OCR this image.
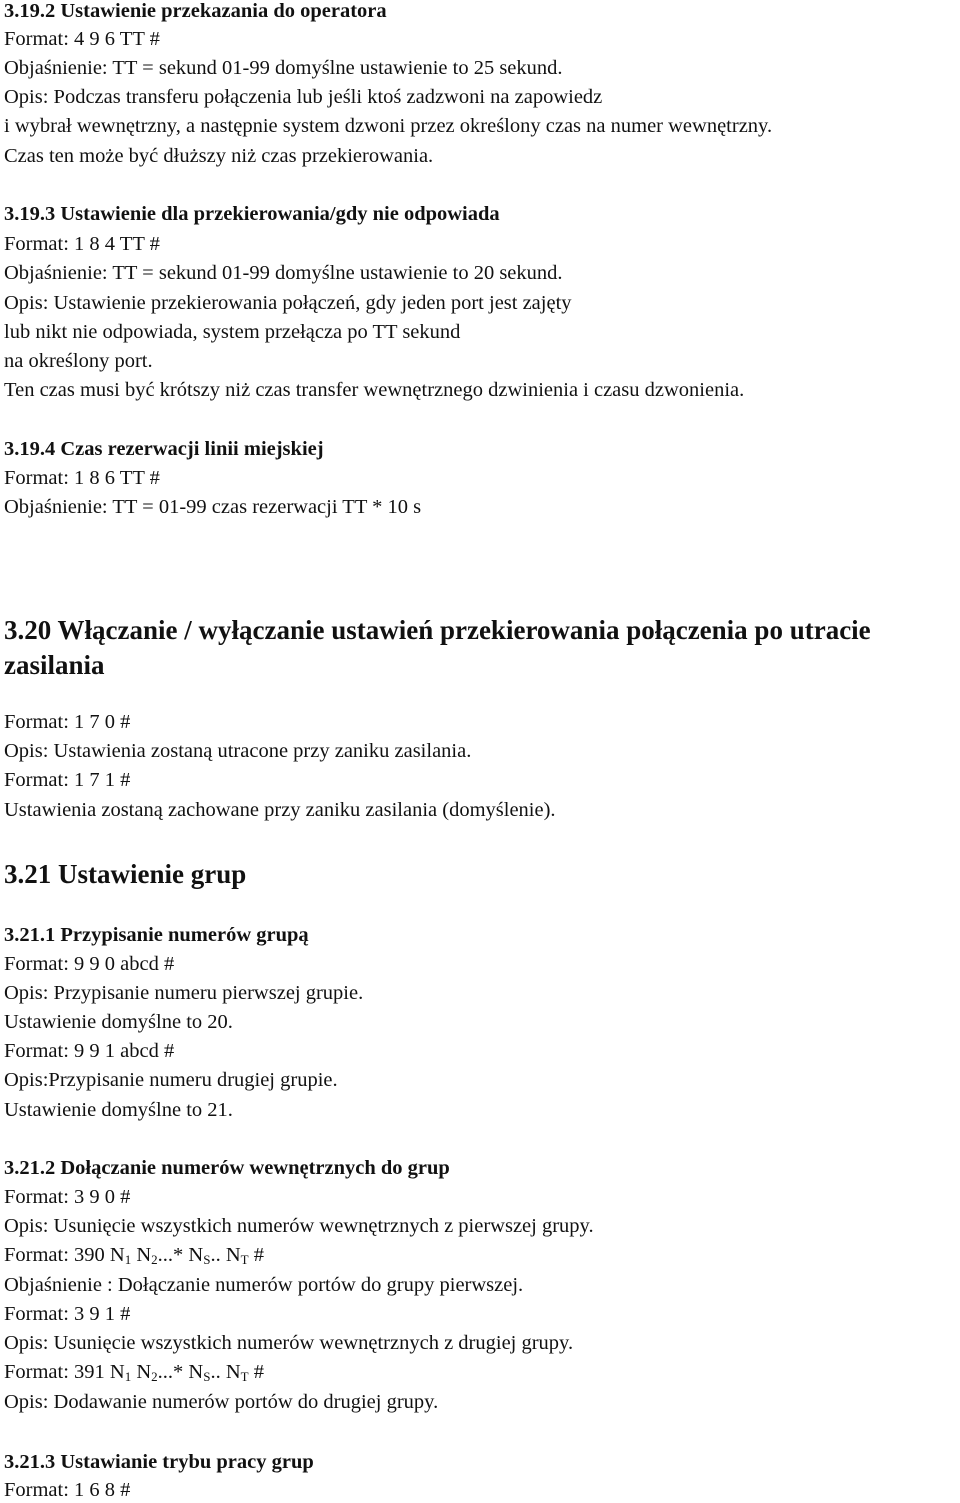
3.19.2 Ustawienie przekazania do operatora
Format: 4 9 6 TT #
Objaśnienie: TT = sekund 01-99 domyślne ustawienie to 25 sekund.
Opis: Podczas transferu połączenia lub jeśli ktoś zadzwoni na zapowiedz
i wybrał wewnętrzny, a następnie system dzwoni przez określony czas na numer wewnętrzny.
Czas ten może być dłuższy niż czas przekierowania.
3.19.3 Ustawienie dla przekierowania/gdy nie odpowiada
Format: 1 8 4 TT #
Objaśnienie: TT = sekund 01-99 domyślne ustawienie to 20 sekund.
Opis: Ustawienie przekierowania połączeń, gdy jeden port jest zajęty
lub nikt nie odpowiada, system przełącza po TT sekund
na określony port.
Ten czas musi być krótszy niż czas transfer wewnętrznego dzwinienia i czasu dzwonienia.
3.19.4 Czas rezerwacji linii miejskiej
Format: 1 8 6 TT #
Objaśnienie: TT = 01-99 czas rezerwacji TT * 10 s
3.20 Włączanie / wyłączanie ustawień przekierowania połączenia po utracie
zasilania
Format: 1 7 0 #
Opis: Ustawienia zostaną utracone przy zaniku zasilania.
Format: 1 7 1 #
Ustawienia zostaną zachowane przy zaniku zasilania (domyślenie).
3.21 Ustawienie grup
3.21.1 Przypisanie numerów grupą
Format: 9 9 0 abcd #
Opis: Przypisanie numeru pierwszej grupie.
Ustawienie domyślne to 20.
Format: 9 9 1 abcd #
Opis:Przypisanie numeru drugiej grupie.
Ustawienie domyślne to 21.
3.21.2 Dołączanie numerów wewnętrznych do grup
Format: 3 9 0 #
Opis: Usunięcie wszystkich numerów wewnętrznych z pierwszej grupy.
Format: 390 $N_1$ $N_2...*$ $N_S$.. $N_T$ #
Objaśnienie : Dołączanie numerów portów do grupy pierwszej.
Format: 3 9 1 #
Opis: Usunięcie wszystkich numerów wewnętrznych z drugiej grupy.
Format: 391 $N_1$ $N_2...*$ $N_S$.. $N_T$ #
Opis: Dodawanie numerów portów do drugiej grupy.
3.21.3 Ustawianie trybu pracy grup
Format: 1 6 8 #
